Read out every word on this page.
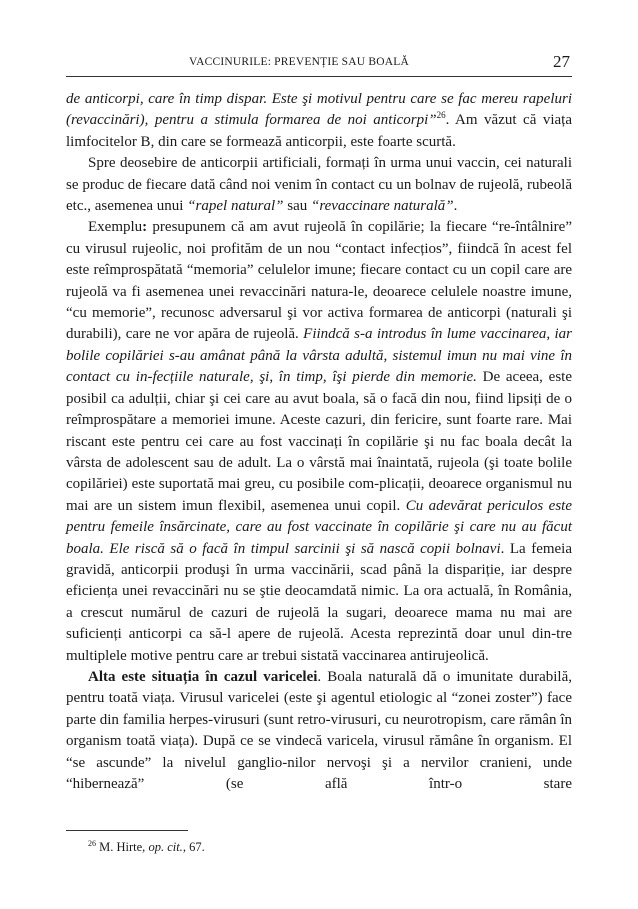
VACCINURILE: PREVENȚIE SAU BOALĂ	27

de anticorpi, care în timp dispar. Este şi motivul pentru care se fac mereu rapeluri (revaccinări), pentru a stimula formarea de noi anticorpi”$^{26}$. Am văzut că viața limfocitelor B, din care se formează anticorpii, este foarte scurtă.

Spre deosebire de anticorpii artificiali, formați în urma unui vaccin, cei naturali se produc de fiecare dată când noi venim în contact cu un bolnav de rujeolă, rubeolă etc., asemenea unui “rapel natural” sau “revaccinare naturală”.

Exemplu: presupunem că am avut rujeolă în copilărie; la fiecare “re-întâlnire” cu virusul rujeolic, noi profităm de un nou “contact infecțios”, fiindcă în acest fel este reîmprospătată “memoria” celulelor imune; fiecare contact cu un copil care are rujeolă va fi asemenea unei revaccinări natura-le, deoarece celulele noastre imune, “cu memorie”, recunosc adversarul şi vor activa formarea de anticorpi (naturali şi durabili), care ne vor apăra de rujeolă. Fiindcă s-a introdus în lume vaccinarea, iar bolile copilăriei s-au amânat până la vârsta adultă, sistemul imun nu mai vine în contact cu in-fecțiile naturale, şi, în timp, îşi pierde din memorie. De aceea, este posibil ca adulții, chiar şi cei care au avut boala, să o facă din nou, fiind lipsiți de o reîmprospătare a memoriei imune. Aceste cazuri, din fericire, sunt foarte rare. Mai riscant este pentru cei care au fost vaccinați în copilărie şi nu fac boala decât la vârsta de adolescent sau de adult. La o vârstă mai înaintată, rujeola (şi toate bolile copilăriei) este suportată mai greu, cu posibile com-plicații, deoarece organismul nu mai are un sistem imun flexibil, asemenea unui copil. Cu adevărat periculos este pentru femeile însărcinate, care au fost vaccinate în copilărie şi care nu au făcut boala. Ele riscă să o facă în timpul sarcinii şi să nască copii bolnavi. La femeia gravidă, anticorpii produşi în urma vaccinării, scad până la dispariție, iar despre eficiența unei revaccinări nu se ştie deocamdată nimic. La ora actuală, în România, a crescut numărul de cazuri de rujeolă la sugari, deoarece mama nu mai are suficienți anticorpi ca să-l apere de rujeolă. Acesta reprezintă doar unul din-tre multiplele motive pentru care ar trebui sistată vaccinarea antirujeolică.

Alta este situația în cazul varicelei. Boala naturală dă o imunitate durabilă, pentru toată viața. Virusul varicelei (este şi agentul etiologic al “zonei zoster”) face parte din familia herpes-virusuri (sunt retro-virusuri, cu neurotropism, care rămân în organism toată viața). După ce se vindecă varicela, virusul rămâne în organism. El “se ascunde” la nivelul ganglio-nilor nervoşi şi a nervilor cranieni, unde “hibernează” (se află într-o stare

$^{26}$ M. Hirte, op. cit., 67.
